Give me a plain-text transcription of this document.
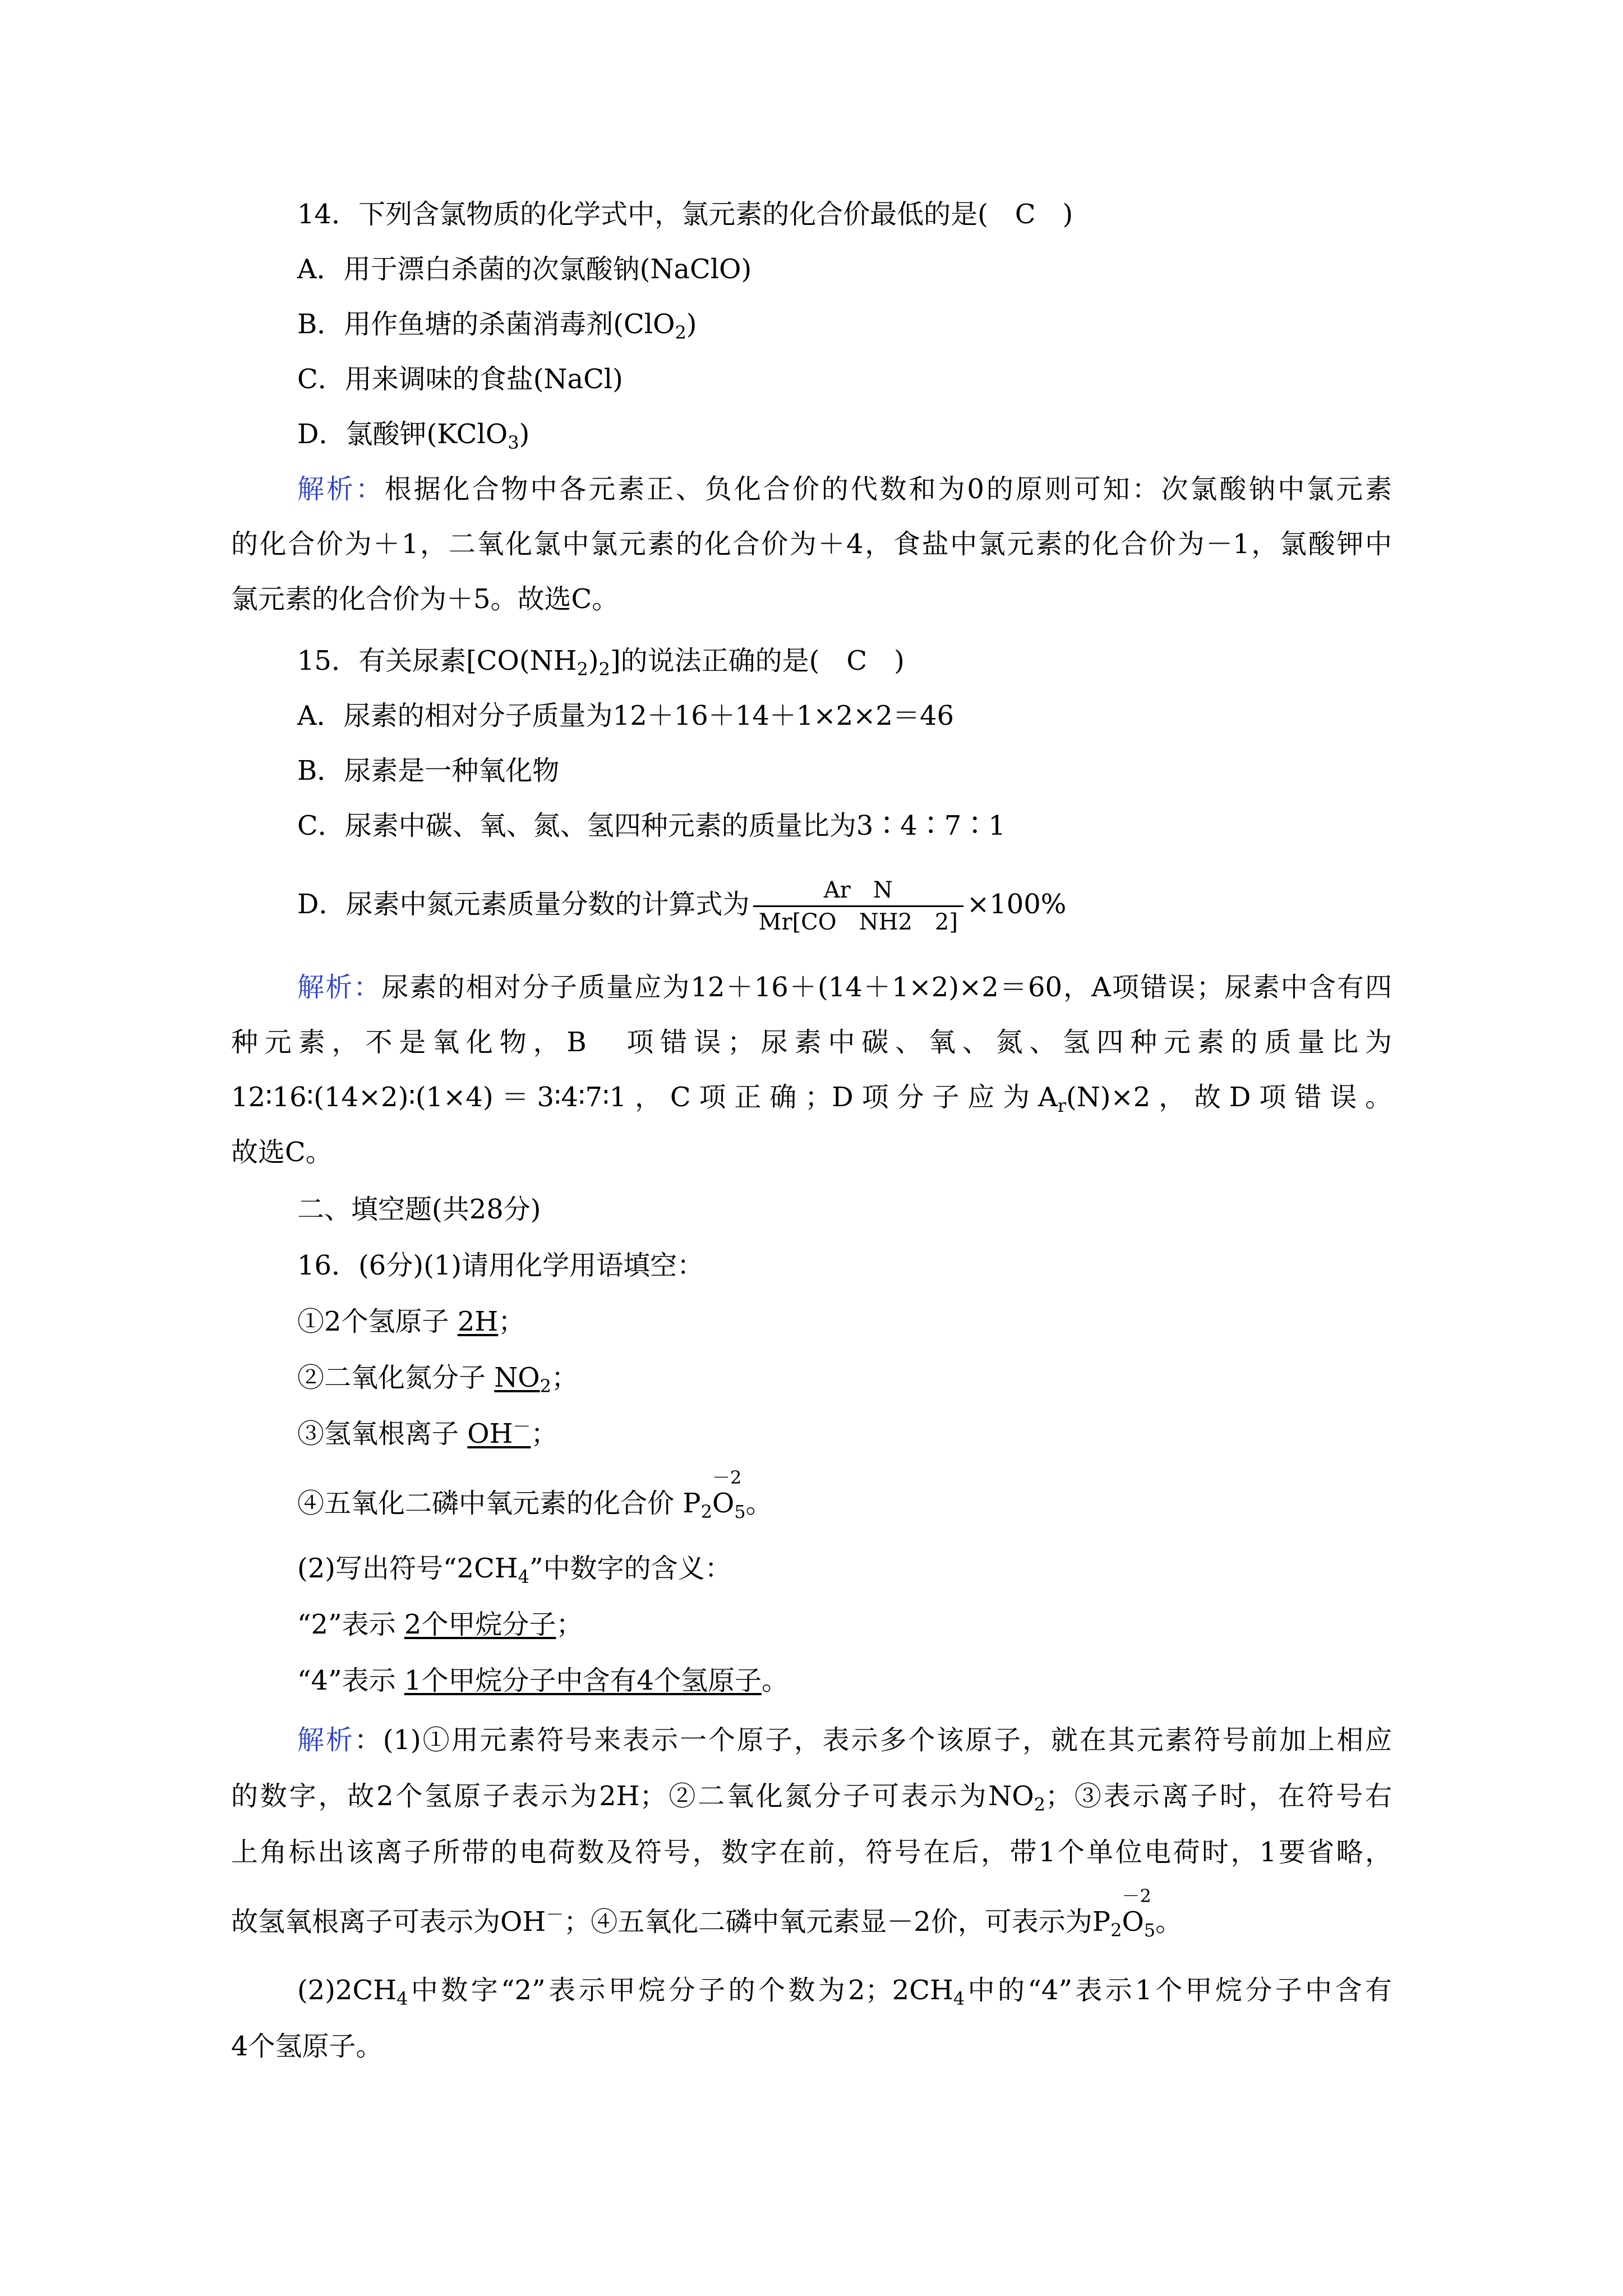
14．下列含氯物质的化学式中，氯元素的化合价最低的是(　C　)
A．用于漂白杀菌的次氯酸钠(NaClO)
B．用作鱼塘的杀菌消毒剂(ClO$_2$)
C．用来调味的食盐(NaCl)
D．氯酸钾(KClO$_3$)
解析：根据化合物中各元素正、负化合价的代数和为0的原则可知：次氯酸钠中氯元素
的化合价为＋1，二氧化氯中氯元素的化合价为＋4，食盐中氯元素的化合价为－1，氯酸钾中
氯元素的化合价为＋5。故选C。
15．有关尿素$[CO(NH_2)_2]$的说法正确的是(　C　)
A．尿素的相对分子质量为12＋16＋14＋1×2×2＝46
B．尿素是一种氧化物
C．尿素中碳、氧、氮、氢四种元素的质量比为3∶4∶7∶1
D．尿素中氮元素质量分数的计算式为 $\frac{\text{Ar　N}}{\text{Mr[CO　NH2　2]}} \times 100\%$
解析：尿素的相对分子质量应为12＋16＋(14＋1×2)×2＝60，A项错误；尿素中含有四
种元素，不是氧化物，B　项错误；尿素中碳、氧、氮、氢四种元素的质量比为
12∶16∶(14×2)∶(1×4)＝3∶4∶7∶1，C项正确；D项分子应为$A_r(N)\times 2$，故D项错误。
故选C。
二、填空题(共28分)
16．(6分)(1)请用化学用语填空：
①2个氢原子 2H；
②二氧化氮分子 $NO_2$；
③氢氧根离子 OH－；
④五氧化二磷中氧元素的化合价 $P_2$
－2
$O_5$。
(2)写出符号“$2CH_4$”中数字的含义：
“2”表示 2个甲烷分子；
“4”表示 1个甲烷分子中含有4个氢原子。
解析：(1)①用元素符号来表示一个原子，表示多个该原子，就在其元素符号前加上相应
的数字，故2个氢原子表示为2H；②二氧化氮分子可表示为$NO_2$；③表示离子时，在符号右
上角标出该离子所带的电荷数及符号，数字在前，符号在后，带1个单位电荷时，1要省略，
故氢氧根离子可表示为OH－；④五氧化二磷中氧元素显－2价，可表示为$P_2$
－2
$O_5$。
$(2)2CH_4$中数字“2”表示甲烷分子的个数为2；$2CH_4$中的“4”表示1个甲烷分子中含有
4个氢原子。
